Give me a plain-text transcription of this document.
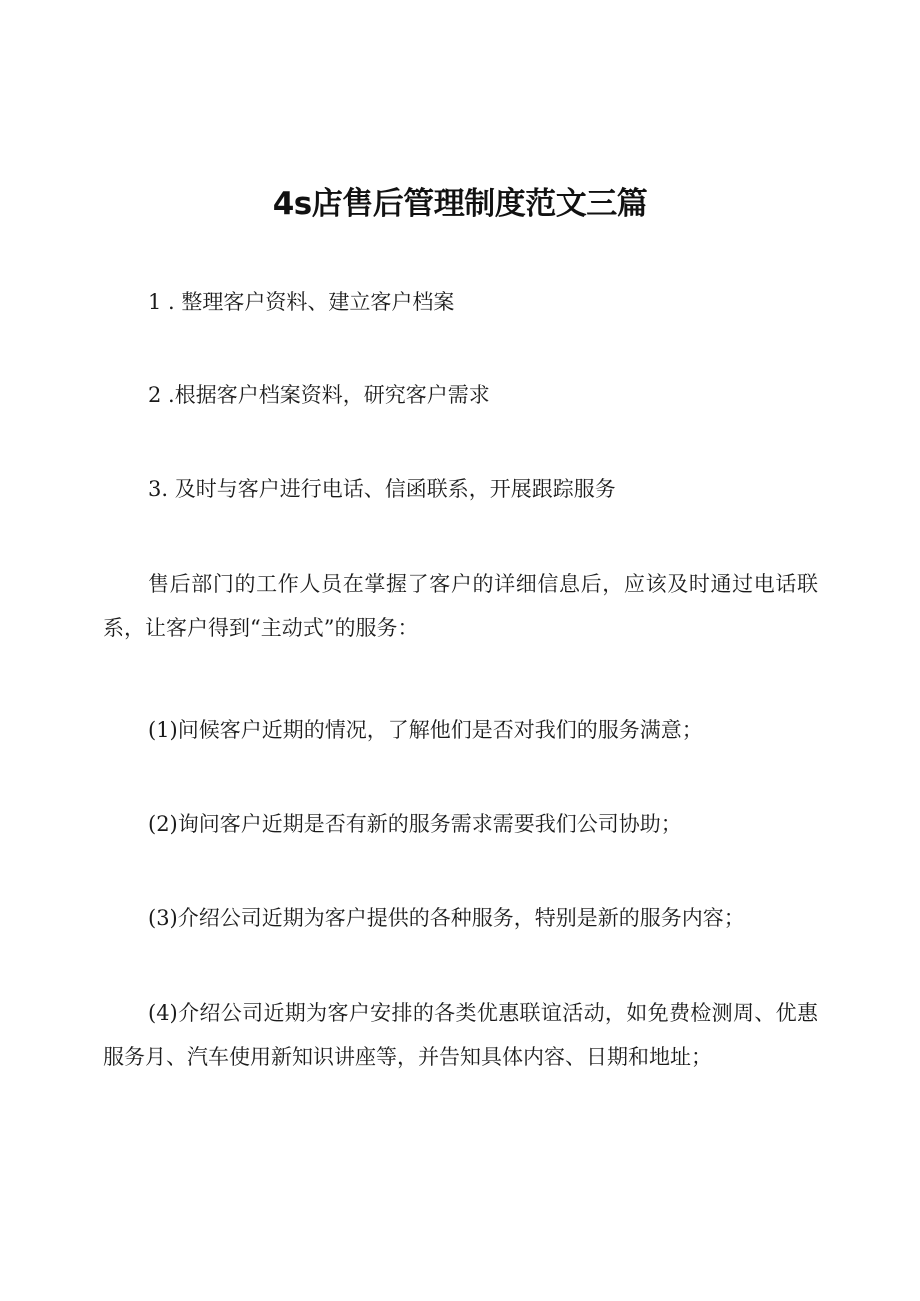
4s店售后管理制度范文三篇

1 . 整理客户资料、建立客户档案

2 .根据客户档案资料，研究客户需求

3. 及时与客户进行电话、信函联系，开展跟踪服务

售后部门的工作人员在掌握了客户的详细信息后，应该及时通过电话联系，让客户得到“主动式”的服务：

(1)问候客户近期的情况，了解他们是否对我们的服务满意；

(2)询问客户近期是否有新的服务需求需要我们公司协助；

(3)介绍公司近期为客户提供的各种服务，特别是新的服务内容；

(4)介绍公司近期为客户安排的各类优惠联谊活动，如免费检测周、优惠服务月、汽车使用新知识讲座等，并告知具体内容、日期和地址；
